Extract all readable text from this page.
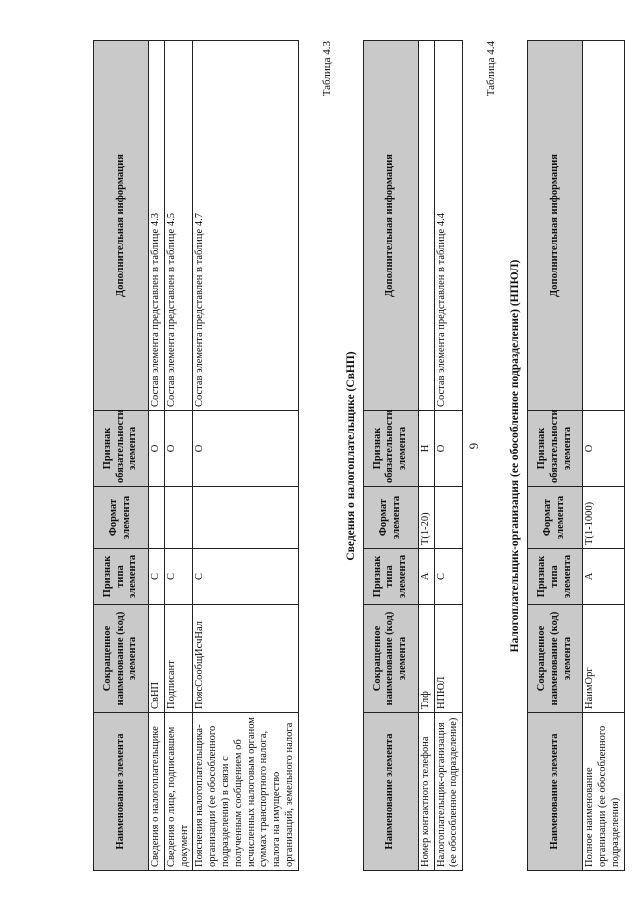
6
Наименование элемента	Сокращенное наименование (код) элемента	Признак типа элемента	Формат элемента	Признак обязательности элемента	Дополнительная информация
Сведения о налогоплательщике	СвНП	С		О	Состав элемента представлен в таблице 4.3
Сведения о лице, подписавшем документ	Подписант	С		О	Состав элемента представлен в таблице 4.5
Пояснения налогоплательщика-организации (ее обособленного подразделения) в связи с полученным сообщением об исчисленных налоговым органом суммах транспортного налога, налога на имущество организаций, земельного налога	ПоясСообщИсчНал	С		О	Состав элемента представлен в таблице 4.7
Таблица 4.3
Сведения о налогоплательщике (СвНП)
Наименование элемента	Сокращенное наименование (код) элемента	Признак типа элемента	Формат элемента	Признак обязательности элемента	Дополнительная информация
Номер контактного телефона	Тлф	А	T(1-20)	Н	
Налогоплательщик-организация (ее обособленное подразделение)	НПЮЛ	С		О	Состав элемента представлен в таблице 4.4
Таблица 4.4
Налогоплательщик-организация (ее обособленное подразделение) (НПЮЛ)
Наименование элемента	Сокращенное наименование (код) элемента	Признак типа элемента	Формат элемента	Признак обязательности элемента	Дополнительная информация
Полное наименование организации (ее обособленного подразделения)	НаимОрг	А	T(1-1000)	О	
